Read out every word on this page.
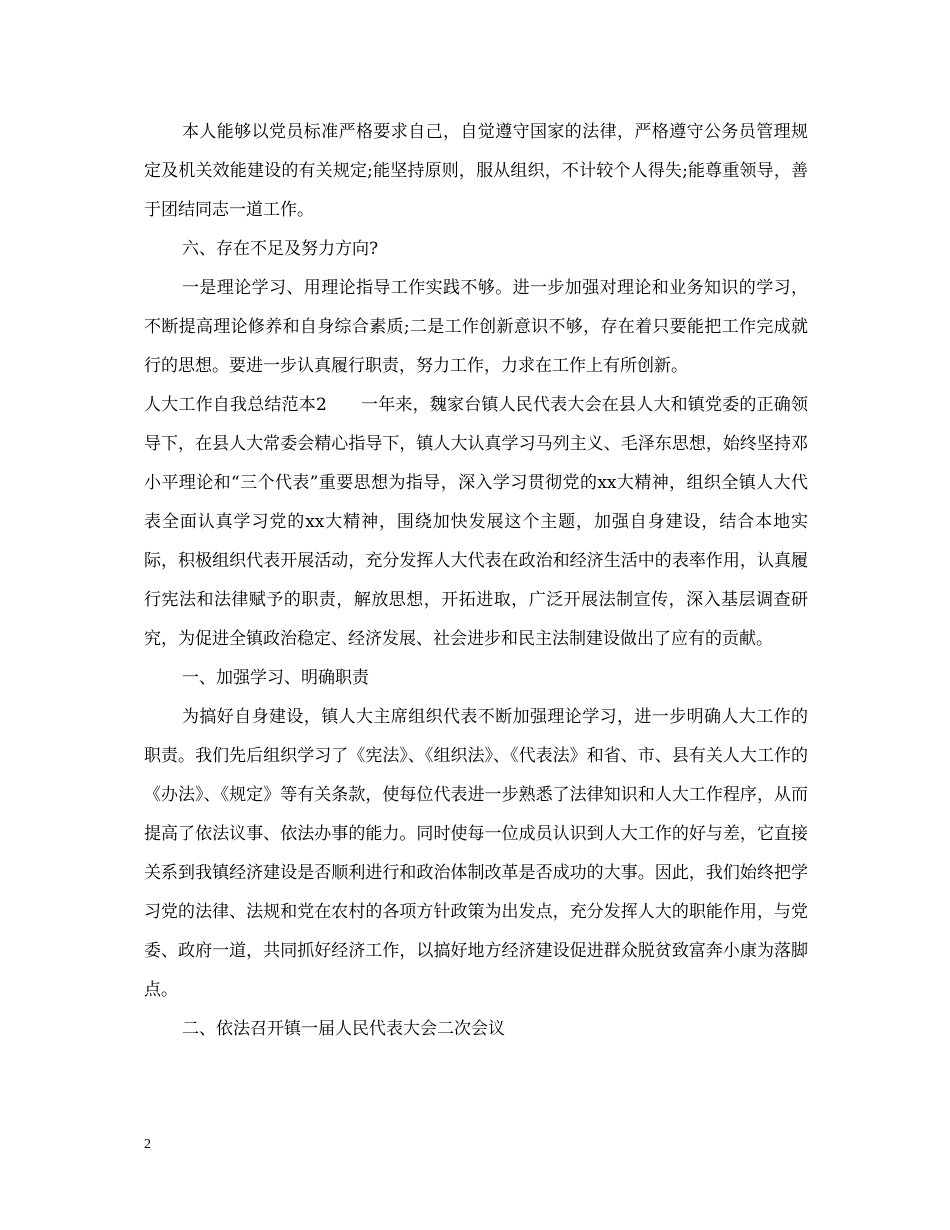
本人能够以党员标准严格要求自己，自觉遵守国家的法律，严格遵守公务员管理规定及机关效能建设的有关规定;能坚持原则，服从组织，不计较个人得失;能尊重领导，善于团结同志一道工作。

六、存在不足及努力方向?

一是理论学习、用理论指导工作实践不够。进一步加强对理论和业务知识的学习，不断提高理论修养和自身综合素质;二是工作创新意识不够，存在着只要能把工作完成就行的思想。要进一步认真履行职责，努力工作，力求在工作上有所创新。

人大工作自我总结范本2 一年来，魏家台镇人民代表大会在县人大和镇党委的正确领导下，在县人大常委会精心指导下，镇人大认真学习马列主义、毛泽东思想，始终坚持邓小平理论和“三个代表”重要思想为指导，深入学习贯彻党的xx大精神，组织全镇人大代表全面认真学习党的xx大精神，围绕加快发展这个主题，加强自身建设，结合本地实际，积极组织代表开展活动，充分发挥人大代表在政治和经济生活中的表率作用，认真履行宪法和法律赋予的职责，解放思想，开拓进取，广泛开展法制宣传，深入基层调查研究，为促进全镇政治稳定、经济发展、社会进步和民主法制建设做出了应有的贡献。

一、加强学习、明确职责

为搞好自身建设，镇人大主席组织代表不断加强理论学习，进一步明确人大工作的职责。我们先后组织学习了《宪法》、《组织法》、《代表法》和省、市、县有关人大工作的《办法》、《规定》等有关条款，使每位代表进一步熟悉了法律知识和人大工作程序，从而提高了依法议事、依法办事的能力。同时使每一位成员认识到人大工作的好与差，它直接关系到我镇经济建设是否顺利进行和政治体制改革是否成功的大事。因此，我们始终把学习党的法律、法规和党在农村的各项方针政策为出发点，充分发挥人大的职能作用，与党委、政府一道，共同抓好经济工作，以搞好地方经济建设促进群众脱贫致富奔小康为落脚点。

二、依法召开镇一届人民代表大会二次会议

2
